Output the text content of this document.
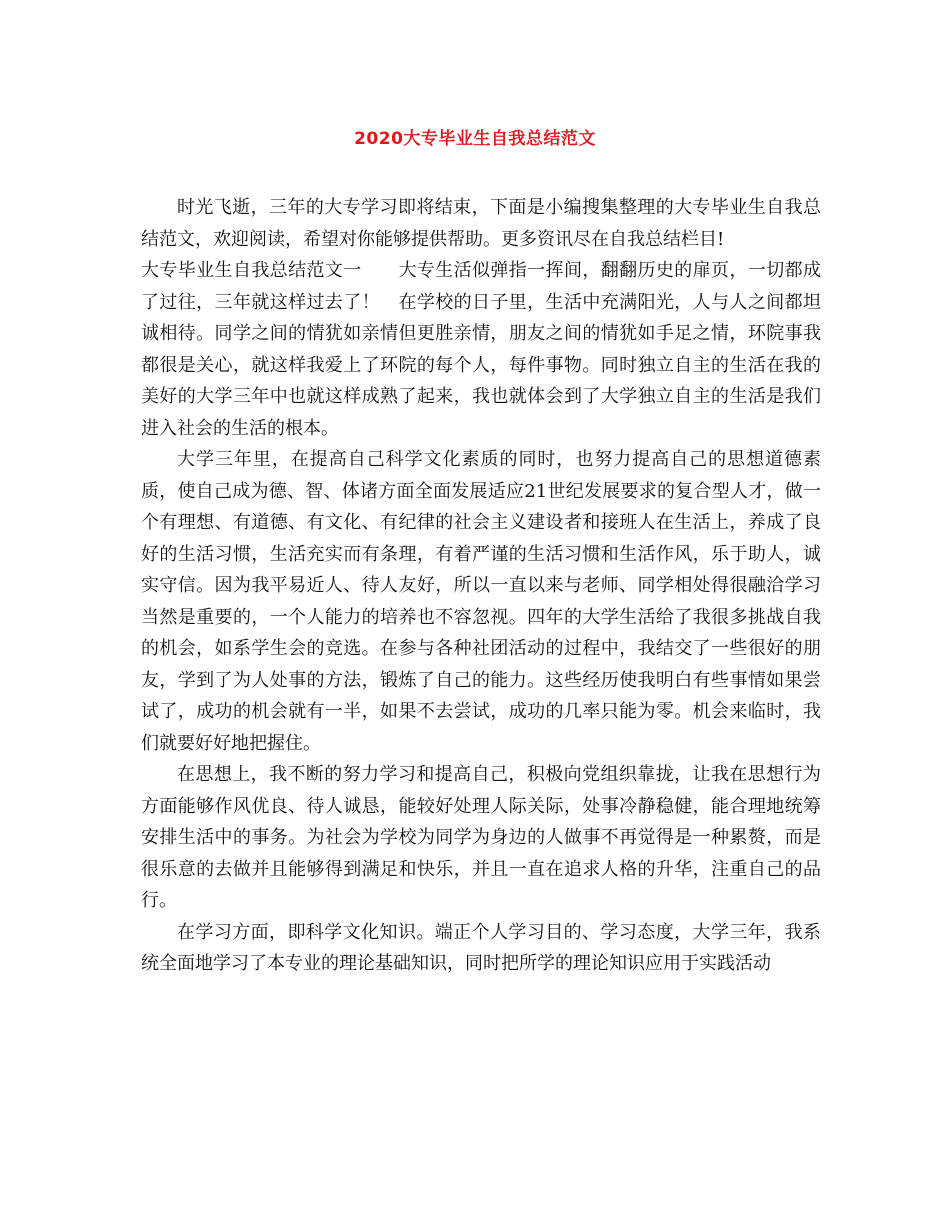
2020大专毕业生自我总结范文

时光飞逝，三年的大专学习即将结束，下面是小编搜集整理的大专毕业生自我总结范文，欢迎阅读，希望对你能够提供帮助。更多资讯尽在自我总结栏目!

大专毕业生自我总结范文一　　大专生活似弹指一挥间，翻翻历史的扉页，一切都成了过往，三年就这样过去了！　在学校的日子里，生活中充满阳光，人与人之间都坦诚相待。同学之间的情犹如亲情但更胜亲情，朋友之间的情犹如手足之情，环院事我都很是关心，就这样我爱上了环院的每个人，每件事物。同时独立自主的生活在我的美好的大学三年中也就这样成熟了起来，我也就体会到了大学独立自主的生活是我们进入社会的生活的根本。

大学三年里，在提高自己科学文化素质的同时，也努力提高自己的思想道德素质，使自己成为德、智、体诸方面全面发展适应21世纪发展要求的复合型人才，做一个有理想、有道德、有文化、有纪律的社会主义建设者和接班人在生活上，养成了良好的生活习惯，生活充实而有条理，有着严谨的生活习惯和生活作风，乐于助人，诚实守信。因为我平易近人、待人友好，所以一直以来与老师、同学相处得很融洽学习当然是重要的，一个人能力的培养也不容忽视。四年的大学生活给了我很多挑战自我的机会，如系学生会的竞选。在参与各种社团活动的过程中，我结交了一些很好的朋友，学到了为人处事的方法，锻炼了自己的能力。这些经历使我明白有些事情如果尝试了，成功的机会就有一半，如果不去尝试，成功的几率只能为零。机会来临时，我们就要好好地把握住。

在思想上，我不断的努力学习和提高自己，积极向党组织靠拢，让我在思想行为方面能够作风优良、待人诚恳，能较好处理人际关际，处事冷静稳健，能合理地统筹安排生活中的事务。为社会为学校为同学为身边的人做事不再觉得是一种累赘，而是很乐意的去做并且能够得到满足和快乐，并且一直在追求人格的升华，注重自己的品行。

在学习方面，即科学文化知识。端正个人学习目的、学习态度，大学三年，我系统全面地学习了本专业的理论基础知识，同时把所学的理论知识应用于实践活动
